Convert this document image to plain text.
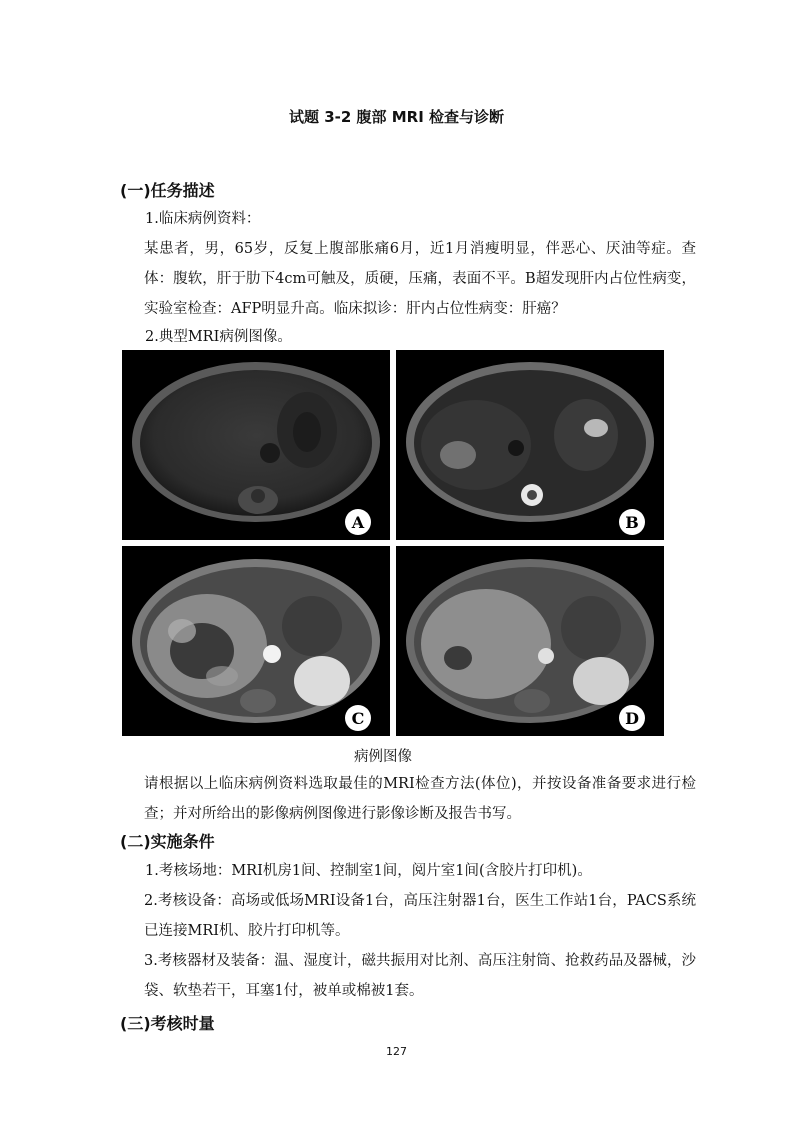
试题 3-2 腹部 MRI 检查与诊断
(一)任务描述
1.临床病例资料：
某患者，男，65岁，反复上腹部胀痛6月，近1月消瘦明显，伴恶心、厌油等症。查体：腹软，肝于肋下4cm可触及，质硬，压痛，表面不平。B超发现肝内占位性病变，实验室检查：AFP明显升高。临床拟诊：肝内占位性病变：肝癌？
2.典型MRI病例图像。
A	B
C	D
病例图像
请根据以上临床病例资料选取最佳的MRI检查方法(体位)，并按设备准备要求进行检查；并对所给出的影像病例图像进行影像诊断及报告书写。
(二)实施条件
1.考核场地：MRI机房1间、控制室1间，阅片室1间(含胶片打印机)。
2.考核设备：高场或低场MRI设备1台，高压注射器1台，医生工作站1台，PACS系统已连接MRI机、胶片打印机等。
3.考核器材及装备：温、湿度计，磁共振用对比剂、高压注射筒、抢救药品及器械，沙袋、软垫若干，耳塞1付，被单或棉被1套。
(三)考核时量
127
